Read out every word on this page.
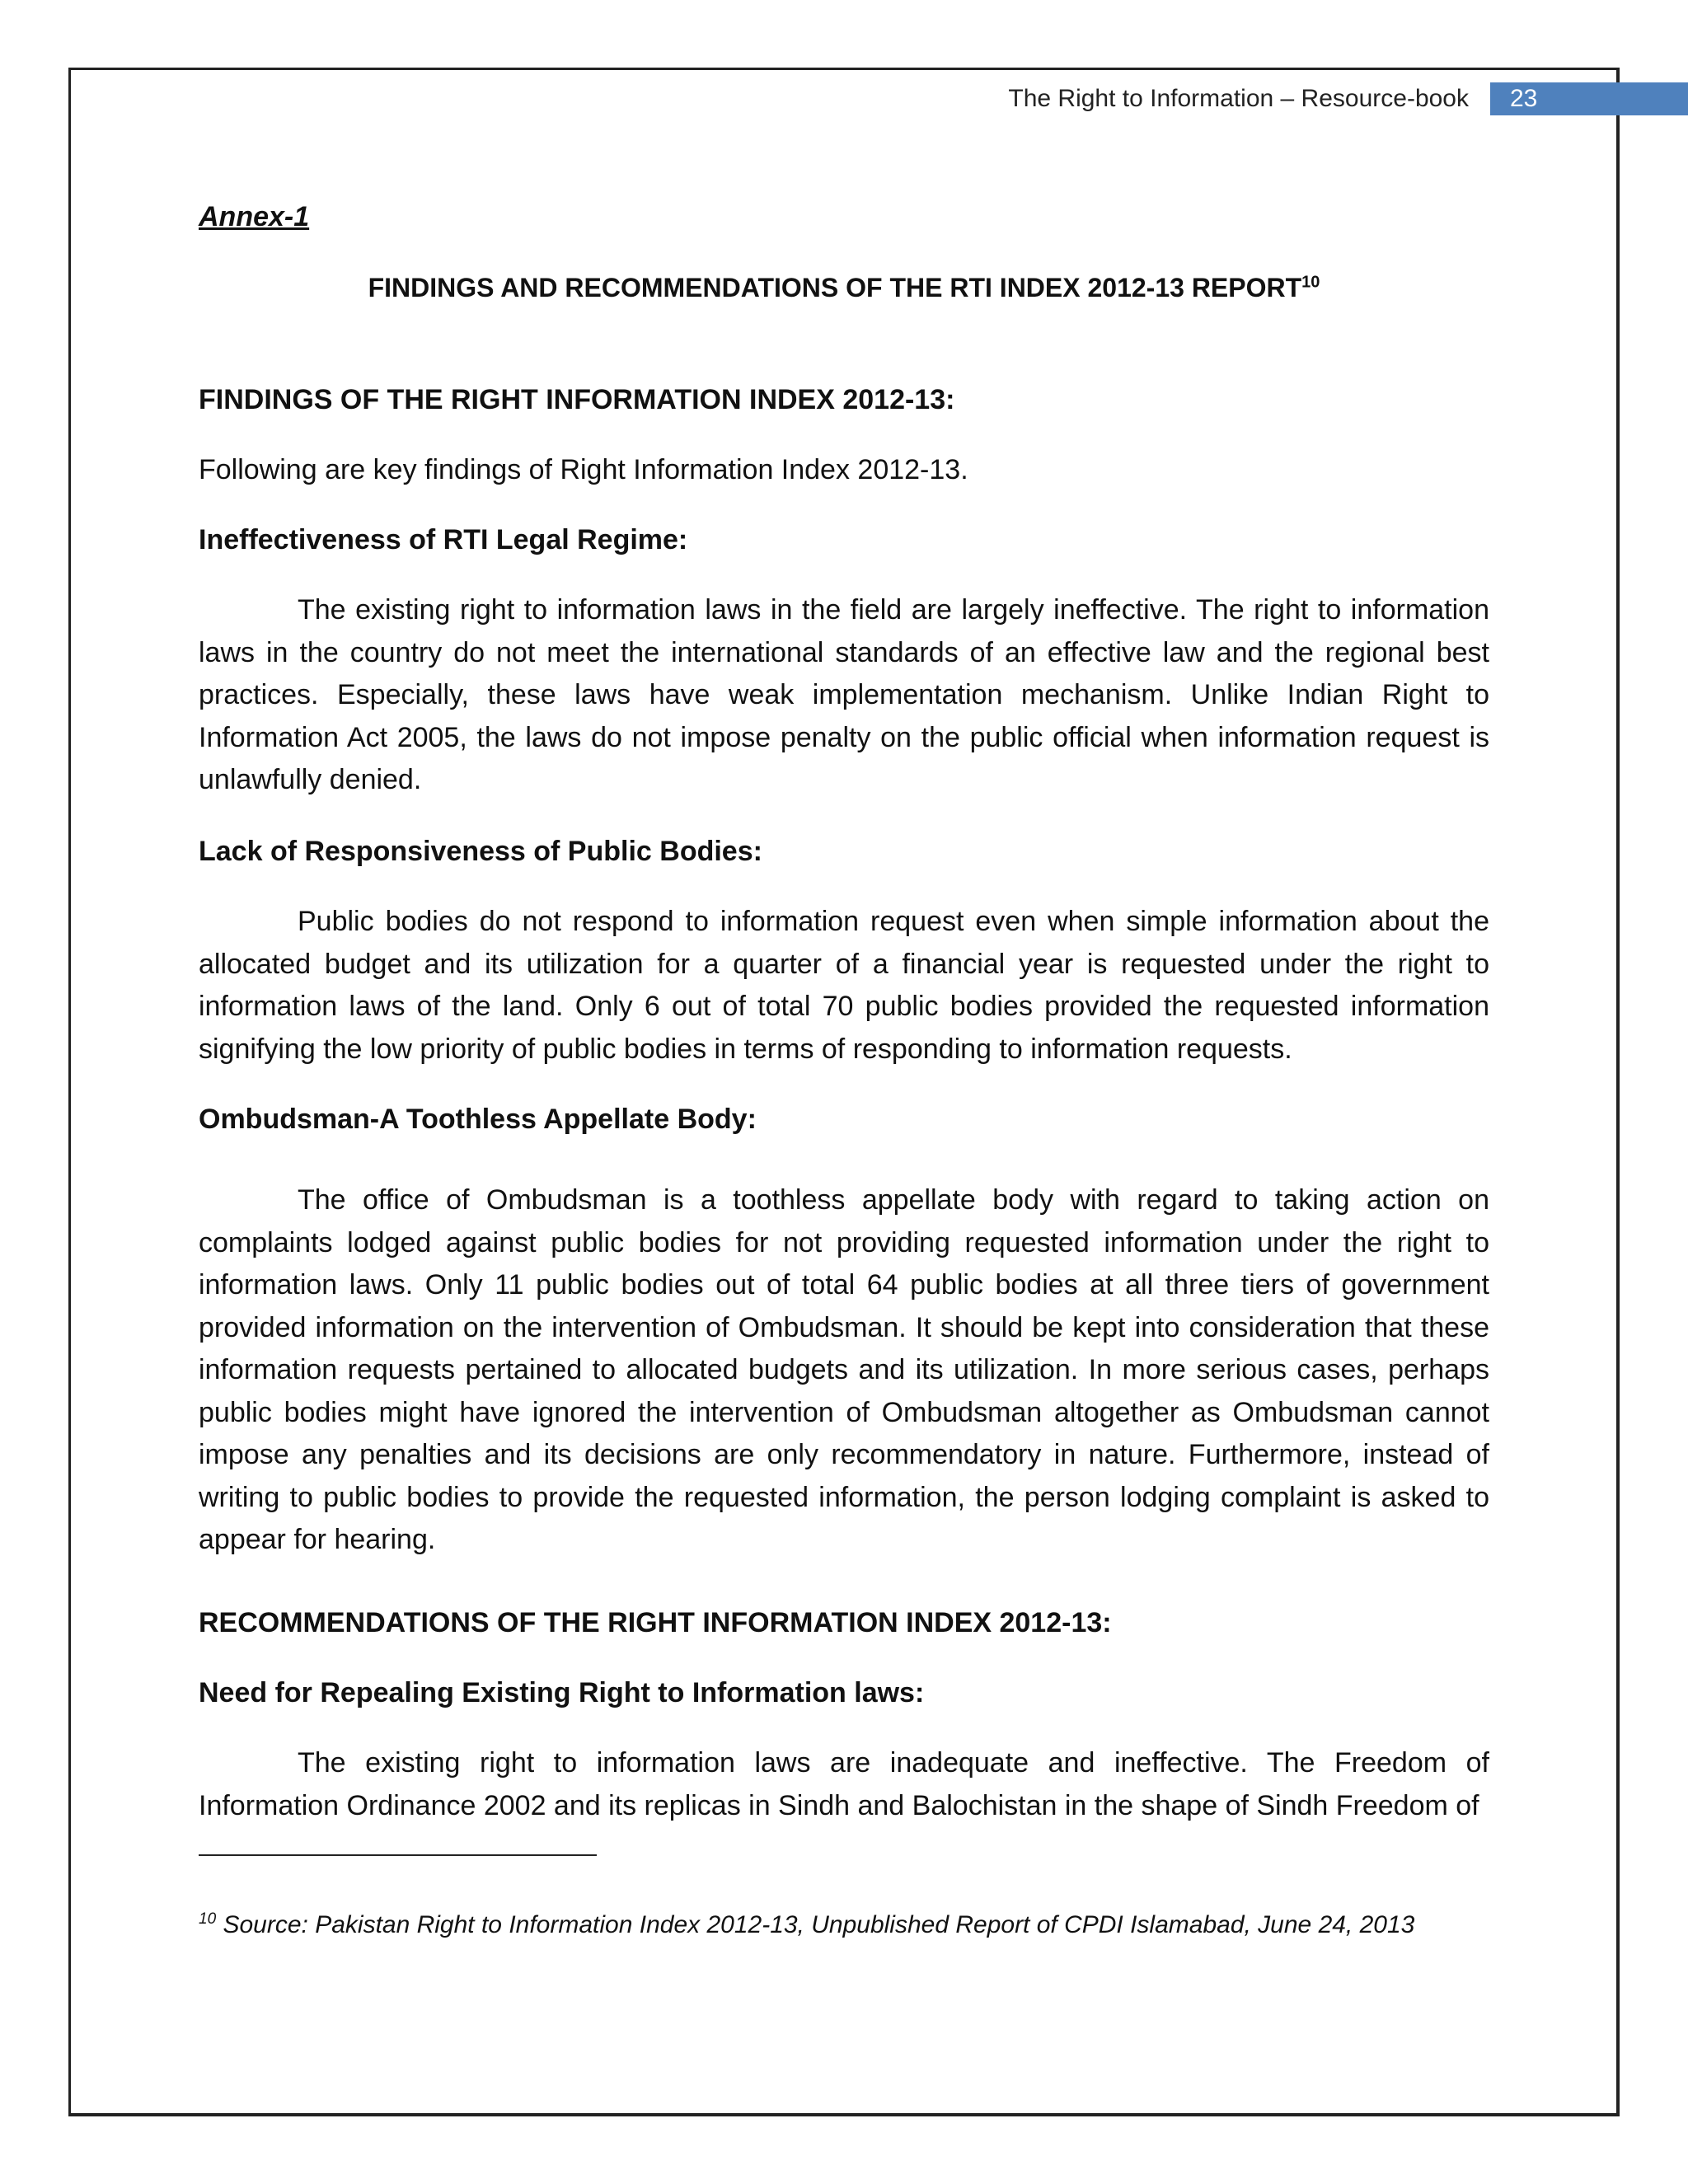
The Right to Information – Resource-book	23

Annex-1

FINDINGS AND RECOMMENDATIONS OF THE RTI INDEX 2012-13 REPORT$^{10}$

FINDINGS OF THE RIGHT INFORMATION INDEX 2012-13:

Following are key findings of Right Information Index 2012-13.

Ineffectiveness of RTI Legal Regime:

The existing right to information laws in the field are largely ineffective. The right to information laws in the country do not meet the international standards of an effective law and the regional best practices. Especially, these laws have weak implementation mechanism. Unlike Indian Right to Information Act 2005, the laws do not impose penalty on the public official when information request is unlawfully denied.

Lack of Responsiveness of Public Bodies:

Public bodies do not respond to information request even when simple information about the allocated budget and its utilization for a quarter of a financial year is requested under the right to information laws of the land. Only 6 out of total 70 public bodies provided the requested information signifying the low priority of public bodies in terms of responding to information requests.

Ombudsman-A Toothless Appellate Body:

The office of Ombudsman is a toothless appellate body with regard to taking action on complaints lodged against public bodies for not providing requested information under the right to information laws. Only 11 public bodies out of total 64 public bodies at all three tiers of government provided information on the intervention of Ombudsman. It should be kept into consideration that these information requests pertained to allocated budgets and its utilization. In more serious cases, perhaps public bodies might have ignored the intervention of Ombudsman altogether as Ombudsman cannot impose any penalties and its decisions are only recommendatory in nature. Furthermore, instead of writing to public bodies to provide the requested information, the person lodging complaint is asked to appear for hearing.

RECOMMENDATIONS OF THE RIGHT INFORMATION INDEX 2012-13:

Need for Repealing Existing Right to Information laws:

The existing right to information laws are inadequate and ineffective. The Freedom of Information Ordinance 2002 and its replicas in Sindh and Balochistan in the shape of Sindh Freedom of

$^{10}$ Source: Pakistan Right to Information Index 2012-13, Unpublished Report of CPDI Islamabad, June 24, 2013
